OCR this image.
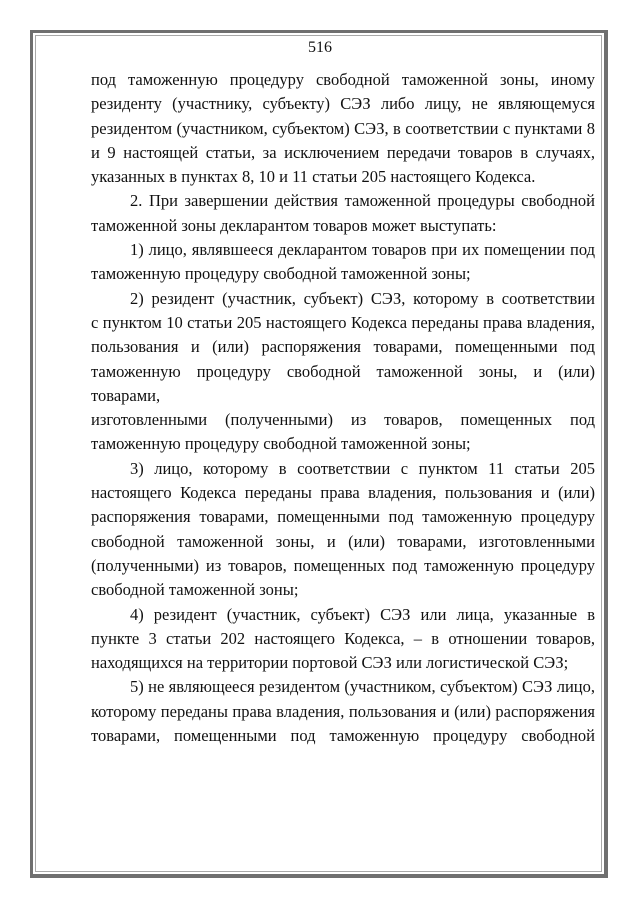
516
под таможенную процедуру свободной таможенной зоны, иному
резиденту (участнику, субъекту) СЭЗ либо лицу, не являющемуся
резидентом (участником, субъектом) СЭЗ, в соответствии с пунктами 8
и 9 настоящей статьи, за исключением передачи товаров в случаях,
указанных в пунктах 8, 10 и 11 статьи 205 настоящего Кодекса.
2. При завершении действия таможенной процедуры свободной
таможенной зоны декларантом товаров может выступать:
1) лицо, являвшееся декларантом товаров при их помещении под
таможенную процедуру свободной таможенной зоны;
2) резидент (участник, субъект) СЭЗ, которому в соответствии
с пунктом 10 статьи 205 настоящего Кодекса переданы права владения,
пользования и (или) распоряжения товарами, помещенными под
таможенную процедуру свободной таможенной зоны, и (или) товарами,
изготовленными (полученными) из товаров, помещенных под
таможенную процедуру свободной таможенной зоны;
3) лицо, которому в соответствии с пунктом 11 статьи 205
настоящего Кодекса переданы права владения, пользования и (или)
распоряжения товарами, помещенными под таможенную процедуру
свободной таможенной зоны, и (или) товарами, изготовленными
(полученными) из товаров, помещенных под таможенную процедуру
свободной таможенной зоны;
4) резидент (участник, субъект) СЭЗ или лица, указанные в
пункте 3 статьи 202 настоящего Кодекса, – в отношении товаров,
находящихся на территории портовой СЭЗ или логистической СЭЗ;
5) не являющееся резидентом (участником, субъектом) СЭЗ лицо,
которому переданы права владения, пользования и (или) распоряжения
товарами, помещенными под таможенную процедуру свободной
